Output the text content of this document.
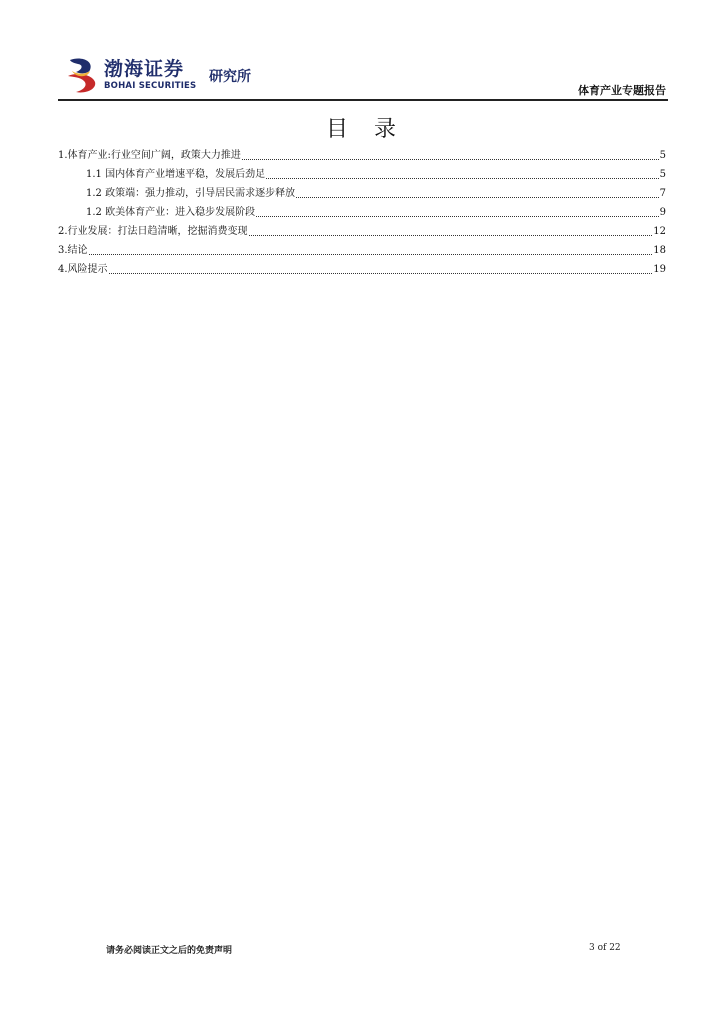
渤海证券
BOHAI SECURITIES
研究所
体育产业专题报告
目　录
1.体育产业:行业空间广阔，政策大力推进	5
1.1 国内体育产业增速平稳，发展后劲足	5
1.2 政策端：强力推动，引导居民需求逐步释放	7
1.2 欧美体育产业：进入稳步发展阶段	9
2.行业发展：打法日趋清晰，挖掘消费变现	12
3.结论	18
4.风险提示	19
请务必阅读正文之后的免责声明	3 of 22
